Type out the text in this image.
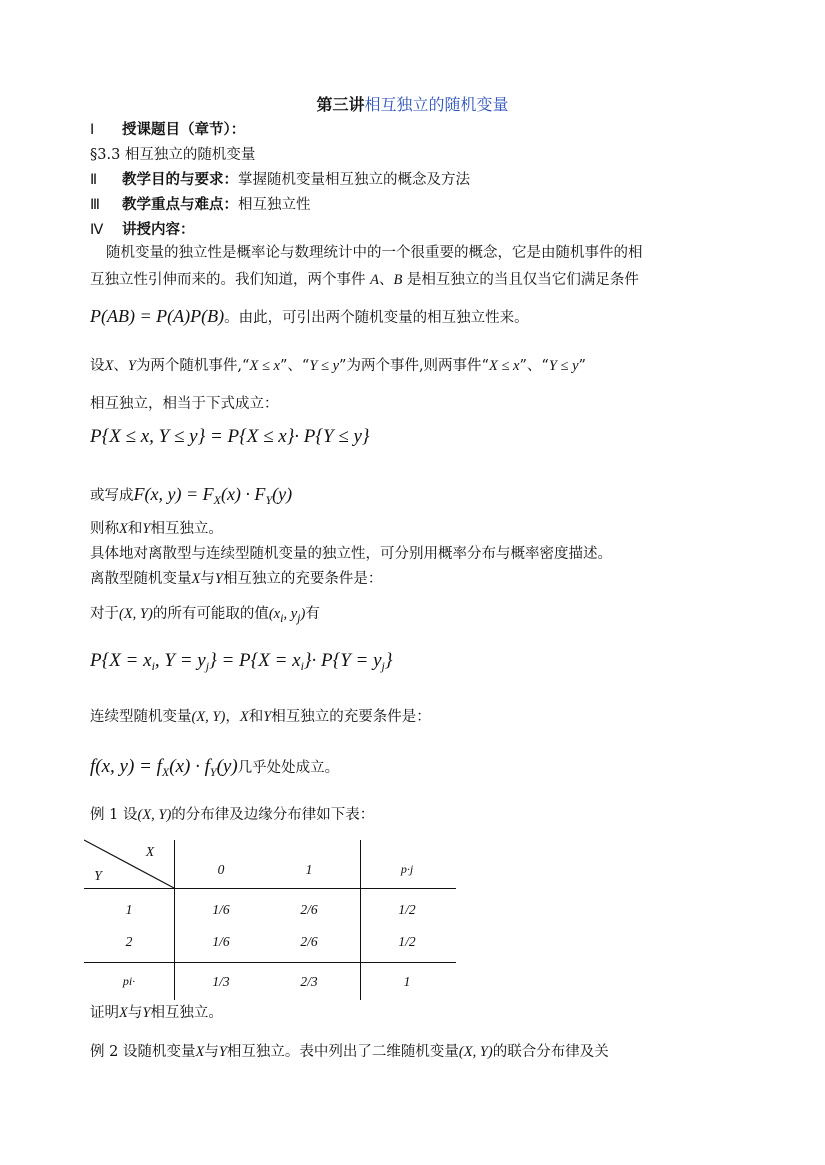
第三讲相互独立的随机变量
Ⅰ 授课题目（章节）：
§3.3 相互独立的随机变量
Ⅱ 教学目的与要求：掌握随机变量相互独立的概念及方法
Ⅲ 教学重点与难点：相互独立性
Ⅳ 讲授内容：
随机变量的独立性是概率论与数理统计中的一个很重要的概念，它是由随机事件的相
互独立性引伸而来的。我们知道，两个事件 A、B 是相互独立的当且仅当它们满足条件
P(AB) = P(A)P(B)。由此，可引出两个随机变量的相互独立性来。
设X、Y为两个随机事件,“X ≤ x”、“Y ≤ y”为两个事件,则两事件“X ≤ x”、“Y ≤ y”
相互独立，相当于下式成立：
P{X ≤ x, Y ≤ y} = P{X ≤ x}· P{Y ≤ y}
或写成F(x, $y) = F_X(x) \cdot F_Y(y)$
则称X和Y相互独立。
具体地对离散型与连续型随机变量的独立性，可分别用概率分布与概率密度描述。
离散型随机变量X与Y相互独立的充要条件是：
对于(X, Y)的所有可能取的值($x_i$, $y_j$)有
$P\{X = x_i$, $Y = y_j\} = P\{X = x_i\}\cdot P\{Y = y_j\}$
连续型随机变量(X, Y)，X和Y相互独立的充要条件是：
f(x, $y) = f_X(x) \cdot f_Y(y)$几乎处处成立。
例 1 设(X, Y)的分布律及边缘分布律如下表：
X
Y	0	1	p·j
1	1/6	2/6	1/2
2	1/6	2/6	1/2
pi·	1/3	2/3	1
证明X与Y相互独立。
例 2 设随机变量X与Y相互独立。表中列出了二维随机变量(X, Y)的联合分布律及关
